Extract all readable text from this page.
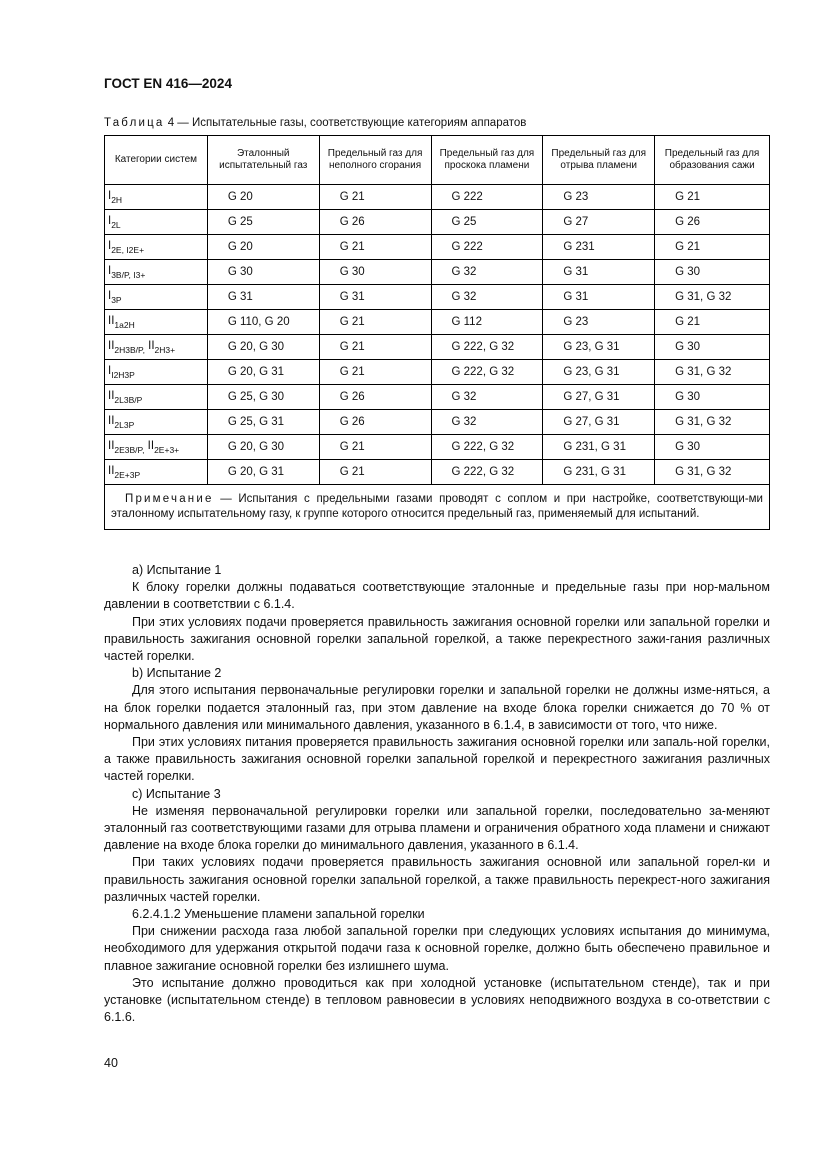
ГОСТ EN 416—2024
Таблица 4 — Испытательные газы, соответствующие категориям аппаратов
Категории систем	Эталонный испытательный газ	Предельный газ для неполного сгорания	Предельный газ для проскока пламени	Предельный газ для отрыва пламени	Предельный газ для образования сажи
$I_{2H}$	G 20	G 21	G 222	G 23	G 21
$I_{2L}$	G 25	G 26	G 25	G 27	G 26
$I_{2E, I2E+}$	G 20	G 21	G 222	G 231	G 21
$I_{3B/P, I3+}$	G 30	G 30	G 32	G 31	G 30
$I_{3P}$	G 31	G 31	G 32	G 31	G 31, G 32
$II_{1a2H}$	G 110, G 20	G 21	G 112	G 23	G 21
$II_{2H3B/P,}$ $II_{2H3+}$	G 20, G 30	G 21	G 222, G 32	G 23, G 31	G 30
$I_{I2H3P}$	G 20, G 31	G 21	G 222, G 32	G 23, G 31	G 31, G 32
$II_{2L3B/P}$	G 25, G 30	G 26	G 32	G 27, G 31	G 30
$II_{2L3P}$	G 25, G 31	G 26	G 32	G 27, G 31	G 31, G 32
$II_{2E3B/P,}$ $II_{2E+3+}$	G 20, G 30	G 21	G 222, G 32	G 231, G 31	G 30
$II_{2E+3P}$	G 20, G 31	G 21	G 222, G 32	G 231, G 31	G 31, G 32
Примечание — Испытания с предельными газами проводят с соплом и при настройке, соответствующи-ми эталонному испытательному газу, к группе которого относится предельный газ, применяемый для испытаний.					

а) Испытание 1

К блоку горелки должны подаваться соответствующие эталонные и предельные газы при нор-мальном давлении в соответствии с 6.1.4.

При этих условиях подачи проверяется правильность зажигания основной горелки или запальной горелки и правильность зажигания основной горелки запальной горелкой, а также перекрестного зажи-гания различных частей горелки.

b) Испытание 2

Для этого испытания первоначальные регулировки горелки и запальной горелки не должны изме-няться, а на блок горелки подается эталонный газ, при этом давление на входе блока горелки снижается до 70 % от нормального давления или минимального давления, указанного в 6.1.4, в зависимости от того, что ниже.

При этих условиях питания проверяется правильность зажигания основной горелки или запаль-ной горелки, а также правильность зажигания основной горелки запальной горелкой и перекрестного зажигания различных частей горелки.

с) Испытание 3

Не изменяя первоначальной регулировки горелки или запальной горелки, последовательно за-меняют эталонный газ соответствующими газами для отрыва пламени и ограничения обратного хода пламени и снижают давление на входе блока горелки до минимального давления, указанного в 6.1.4.

При таких условиях подачи проверяется правильность зажигания основной или запальной горел-ки и правильность зажигания основной горелки запальной горелкой, а также правильность перекрест-ного зажигания различных частей горелки.

6.2.4.1.2 Уменьшение пламени запальной горелки

При снижении расхода газа любой запальной горелки при следующих условиях испытания до минимума, необходимого для удержания открытой подачи газа к основной горелке, должно быть обеспечено правильное и плавное зажигание основной горелки без излишнего шума.

Это испытание должно проводиться как при холодной установке (испытательном стенде), так и при установке (испытательном стенде) в тепловом равновесии в условиях неподвижного воздуха в со-ответствии с 6.1.6.

40
